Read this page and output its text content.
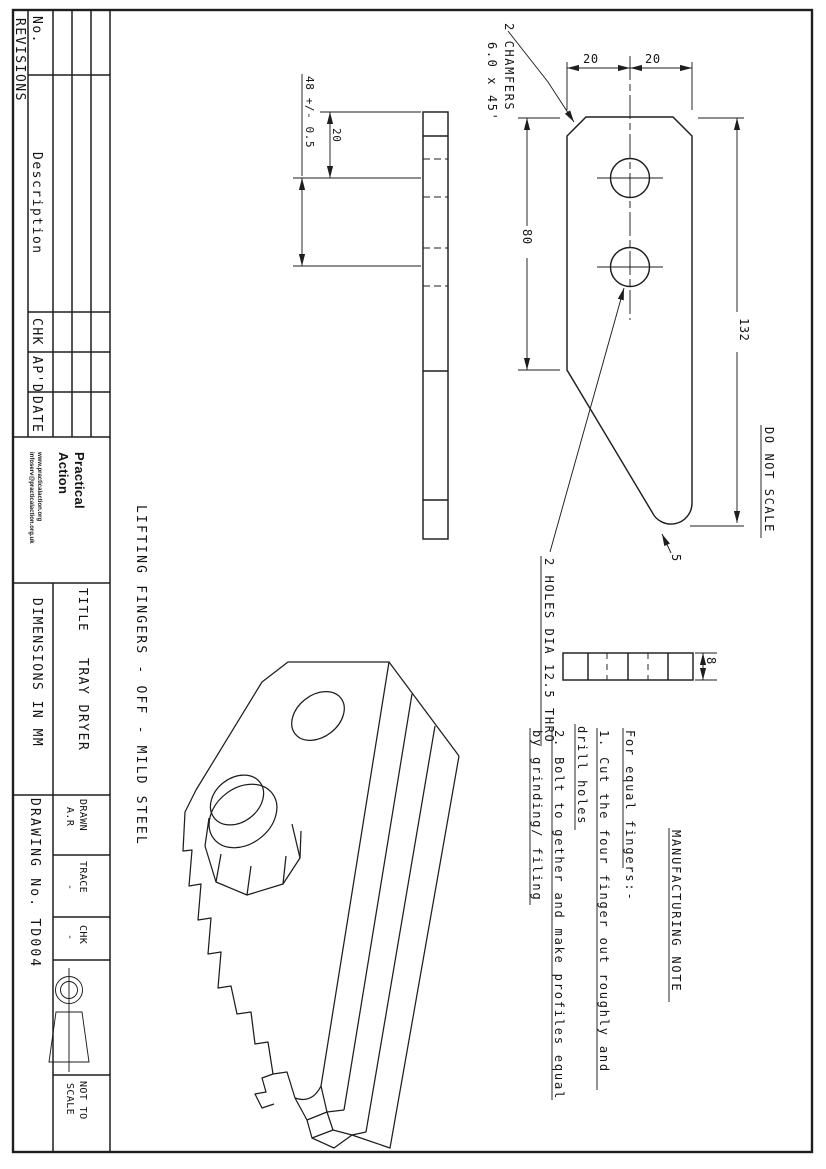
REVISIONS No.
Description
CHK
AP'D
DATE
Practical
Action
www.practicalaction.org
infoserv@practicalaction.org.uk
TITLE
TRAY DRYER
DIMENSIONS IN MM
DRAWN
A.R
TRACE
-
CHK
-
NOT TO
SCALE
DRAWING No. TD004
LIFTING FINGERS - OFF - MILD STEEL
20	20
132
80
2 CHAMFERS
6.0 x 45'
2 HOLES DIA 12.5 THRO
5
DO NOT SCALE
20
48 +/- 0.5
8
MANUFACTURING NOTE
For equal fingers:-
1. Cut the four finger out roughly and
drill holes
2. Bolt to gether and make profiles equal
by grinding/ filing
